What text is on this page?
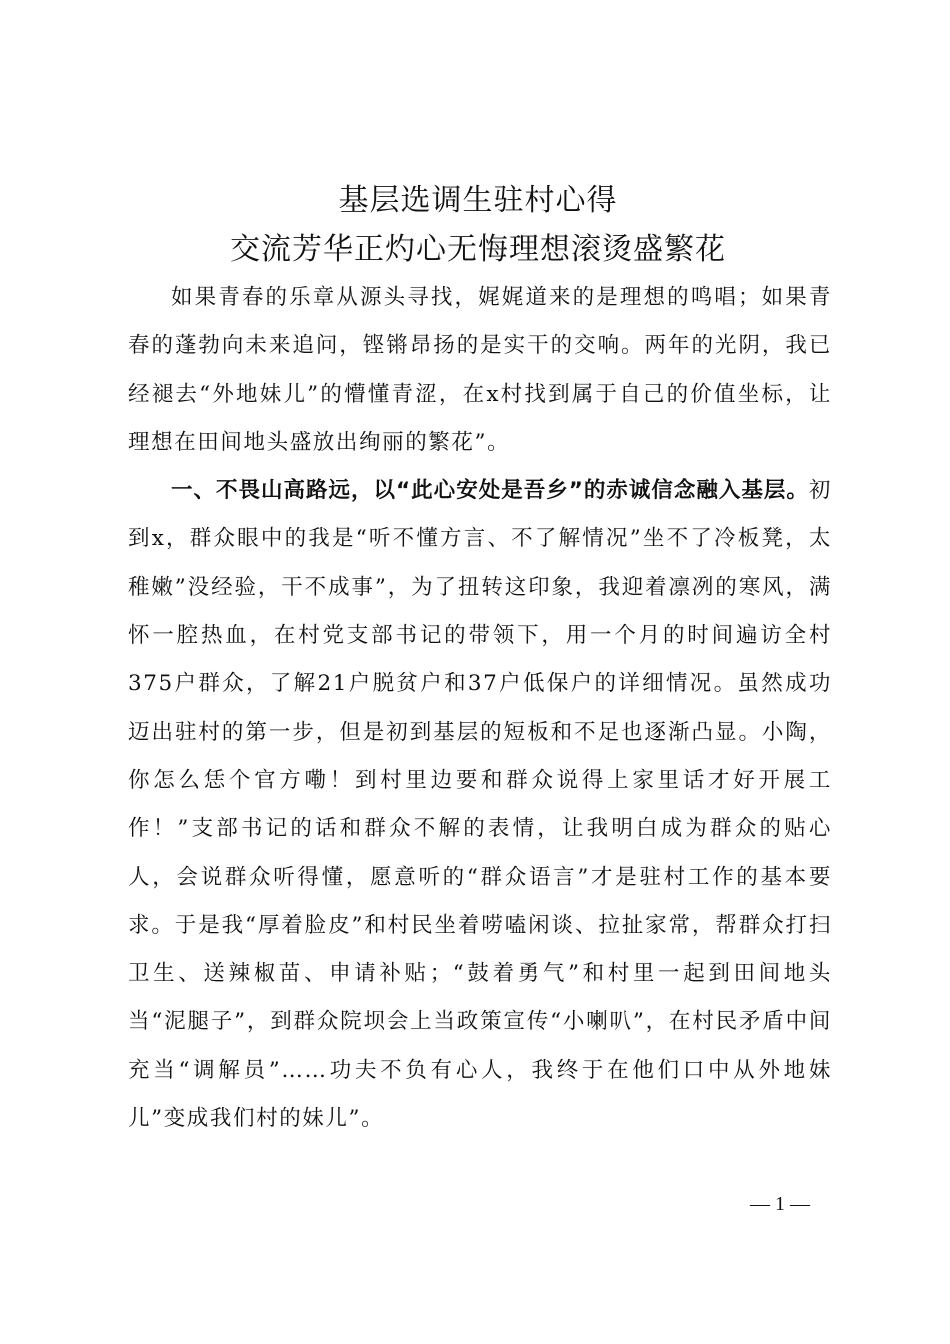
基层选调生驻村心得
交流芳华正灼心无悔理想滚烫盛繁花

如果青春的乐章从源头寻找，娓娓道来的是理想的鸣唱；如果青春的蓬勃向未来追问，铿锵昂扬的是实干的交响。两年的光阴，我已经褪去“外地妹儿”的懵懂青涩，在x村找到属于自己的价值坐标，让理想在田间地头盛放出绚丽的繁花”。

一、不畏山高路远，以“此心安处是吾乡”的赤诚信念融入基层。初到x，群众眼中的我是“听不懂方言、不了解情况”坐不了冷板凳，太稚嫩”没经验，干不成事”，为了扭转这印象，我迎着凛冽的寒风，满怀一腔热血，在村党支部书记的带领下，用一个月的时间遍访全村375户群众，了解21户脱贫户和37户低保户的详细情况。虽然成功迈出驻村的第一步，但是初到基层的短板和不足也逐渐凸显。小陶，你怎么恁个官方嘞！到村里边要和群众说得上家里话才好开展工作！”支部书记的话和群众不解的表情，让我明白成为群众的贴心人，会说群众听得懂，愿意听的“群众语言”才是驻村工作的基本要求。于是我“厚着脸皮”和村民坐着唠嗑闲谈、拉扯家常，帮群众打扫卫生、送辣椒苗、申请补贴；“鼓着勇气”和村里一起到田间地头当“泥腿子”，到群众院坝会上当政策宣传“小喇叭”，在村民矛盾中间充当“调解员”……功夫不负有心人，我终于在他们口中从外地妹儿”变成我们村的妹儿”。

— 1 —
